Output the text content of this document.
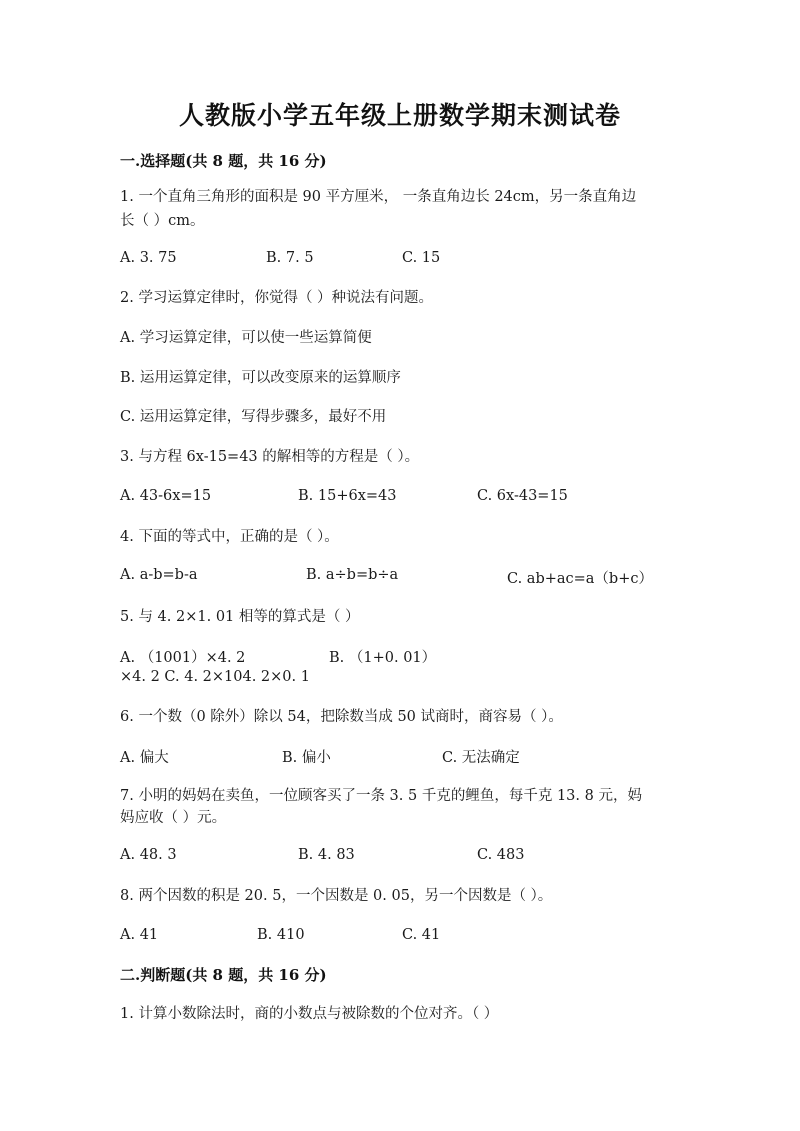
人教版小学五年级上册数学期末测试卷
一.选择题(共 8 题，共 16 分)
1. 一个直角三角形的面积是 90 平方厘米， 一条直角边长 24cm，另一条直角边
长（ ）cm。
A. 3. 75	B. 7. 5	C. 15
2. 学习运算定律时，你觉得（ ）种说法有问题。
A. 学习运算定律，可以使一些运算简便
B. 运用运算定律，可以改变原来的运算顺序
C. 运用运算定律，写得步骤多，最好不用
3. 与方程 6x-15=43 的解相等的方程是（ ）。
A. 43-6x=15	B. 15+6x=43	C. 6x-43=15
4. 下面的等式中，正确的是（ ）。
A. a-b=b-a	B. a÷b=b÷a	C. ab+ac=a（b+c）
5. 与 4. 2×1. 01 相等的算式是（ ）
A. （1001）×4. 2	B. （1+0. 01）
×4. 2 C. 4. 2×104. 2×0. 1
6. 一个数（0 除外）除以 54，把除数当成 50 试商时，商容易（ ）。
A. 偏大	B. 偏小	C. 无法确定
7. 小明的妈妈在卖鱼，一位顾客买了一条 3. 5 千克的鲤鱼，每千克 13. 8 元，妈
妈应收（ ）元。
A. 48. 3	B. 4. 83	C. 483
8. 两个因数的积是 20. 5，一个因数是 0. 05，另一个因数是（ ）。
A. 41	B. 410	C. 41
二.判断题(共 8 题，共 16 分)
1. 计算小数除法时，商的小数点与被除数的个位对齐。（ ）
